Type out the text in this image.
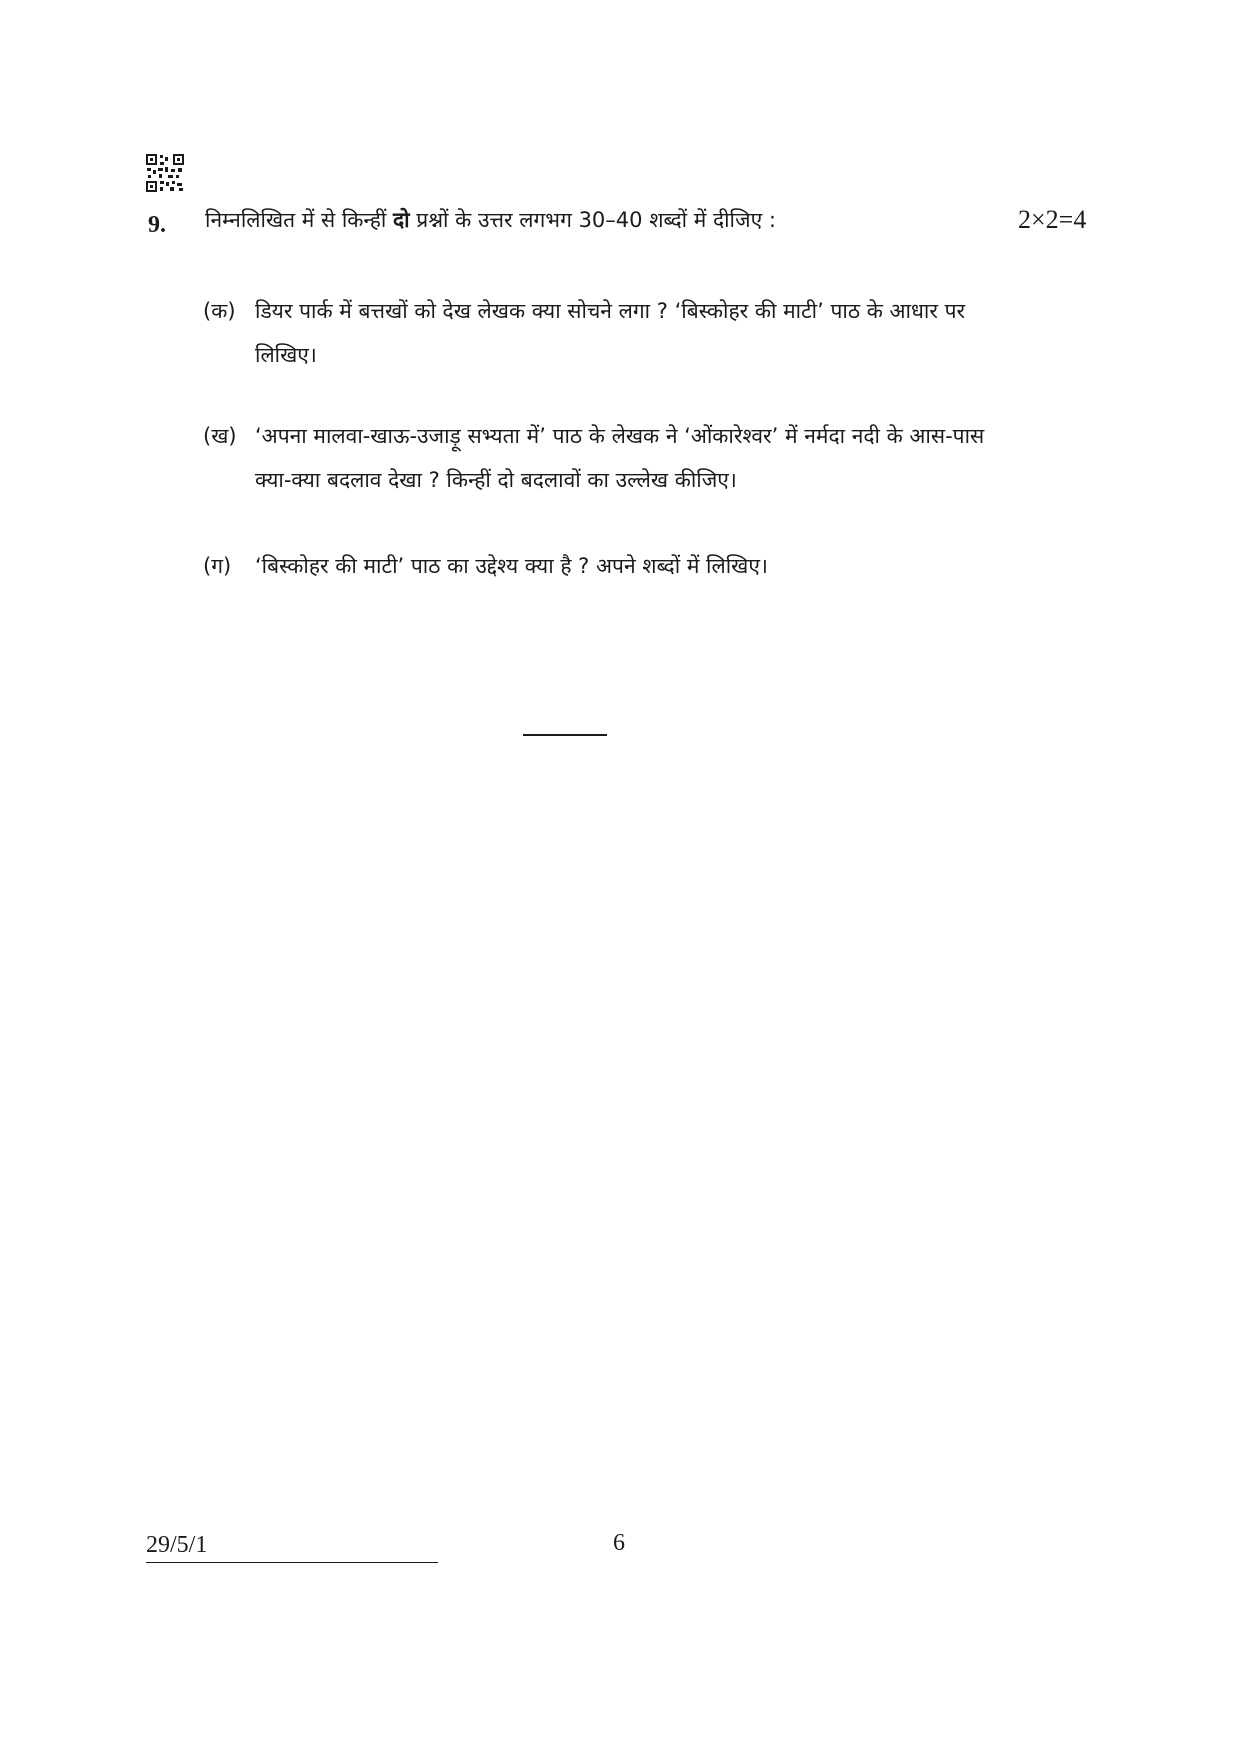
9. निम्नलिखित में से किन्हीं दो प्रश्नों के उत्तर लगभग 30–40 शब्दों में दीजिए :	2×2=4
(क) डियर पार्क में बत्तखों को देख लेखक क्या सोचने लगा ? ‘बिस्कोहर की माटी’ पाठ के आधार पर लिखिए।
(ख) ‘अपना मालवा-खाऊ-उजाड़ू सभ्यता में’ पाठ के लेखक ने ‘ओंकारेश्वर’ में नर्मदा नदी के आस-पास क्या-क्या बदलाव देखा ? किन्हीं दो बदलावों का उल्लेख कीजिए।
(ग) ‘बिस्कोहर की माटी’ पाठ का उद्देश्य क्या है ? अपने शब्दों में लिखिए।
29/5/1	6
